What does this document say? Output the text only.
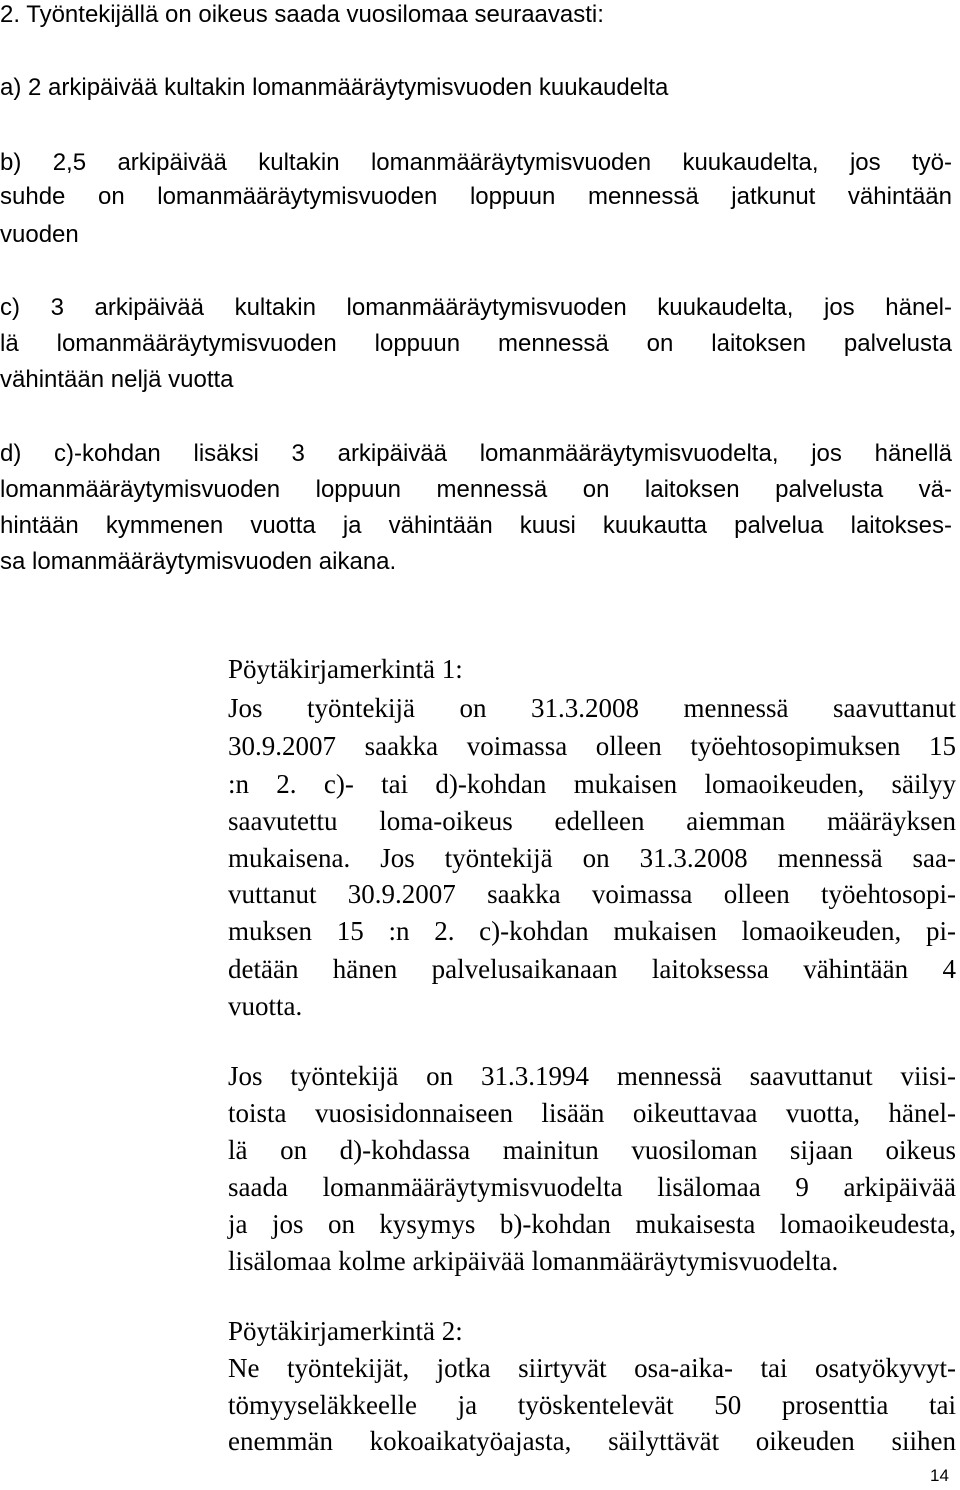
2. Työntekijällä on oikeus saada vuosilomaa seuraavasti:

a) 2 arkipäivää kultakin lomanmääräytymisvuoden kuukaudelta

b) 2,5 arkipäivää kultakin lomanmääräytymisvuoden kuukaudelta, jos työ-

suhde on lomanmääräytymisvuoden loppuun mennessä jatkunut vähintään

vuoden

c) 3 arkipäivää kultakin lomanmääräytymisvuoden kuukaudelta, jos hänel-

lä lomanmääräytymisvuoden loppuun mennessä on laitoksen palvelusta

vähintään neljä vuotta

d) c)-kohdan lisäksi 3 arkipäivää lomanmääräytymisvuodelta, jos hänellä

lomanmääräytymisvuoden loppuun mennessä on laitoksen palvelusta vä-

hintään kymmenen vuotta ja vähintään kuusi kuukautta palvelua laitokses-

sa lomanmääräytymisvuoden aikana.

Pöytäkirjamerkintä 1:

Jos työntekijä on 31.3.2008 mennessä saavuttanut

30.9.2007 saakka voimassa olleen työehtosopimuksen 15

:n 2. c)- tai d)-kohdan mukaisen lomaoikeuden, säilyy

saavutettu loma-oikeus edelleen aiemman määräyksen

mukaisena. Jos työntekijä on 31.3.2008 mennessä saa-

vuttanut 30.9.2007 saakka voimassa olleen työehtosopi-

muksen 15 :n 2. c)-kohdan mukaisen lomaoikeuden, pi-

detään hänen palvelusaikanaan laitoksessa vähintään 4

vuotta.

Jos työntekijä on 31.3.1994 mennessä saavuttanut viisi-

toista vuosisidonnaiseen lisään oikeuttavaa vuotta, hänel-

lä on d)-kohdassa mainitun vuosiloman sijaan oikeus

saada lomanmääräytymisvuodelta lisälomaa 9 arkipäivää

ja jos on kysymys b)-kohdan mukaisesta lomaoikeudesta,

lisälomaa kolme arkipäivää lomanmääräytymisvuodelta.

Pöytäkirjamerkintä 2:

Ne työntekijät, jotka siirtyvät osa-aika- tai osatyökyvyt-

tömyyseläkkeelle ja työskentelevät 50 prosenttia tai

enemmän kokoaikatyöajasta, säilyttävät oikeuden siihen

14
